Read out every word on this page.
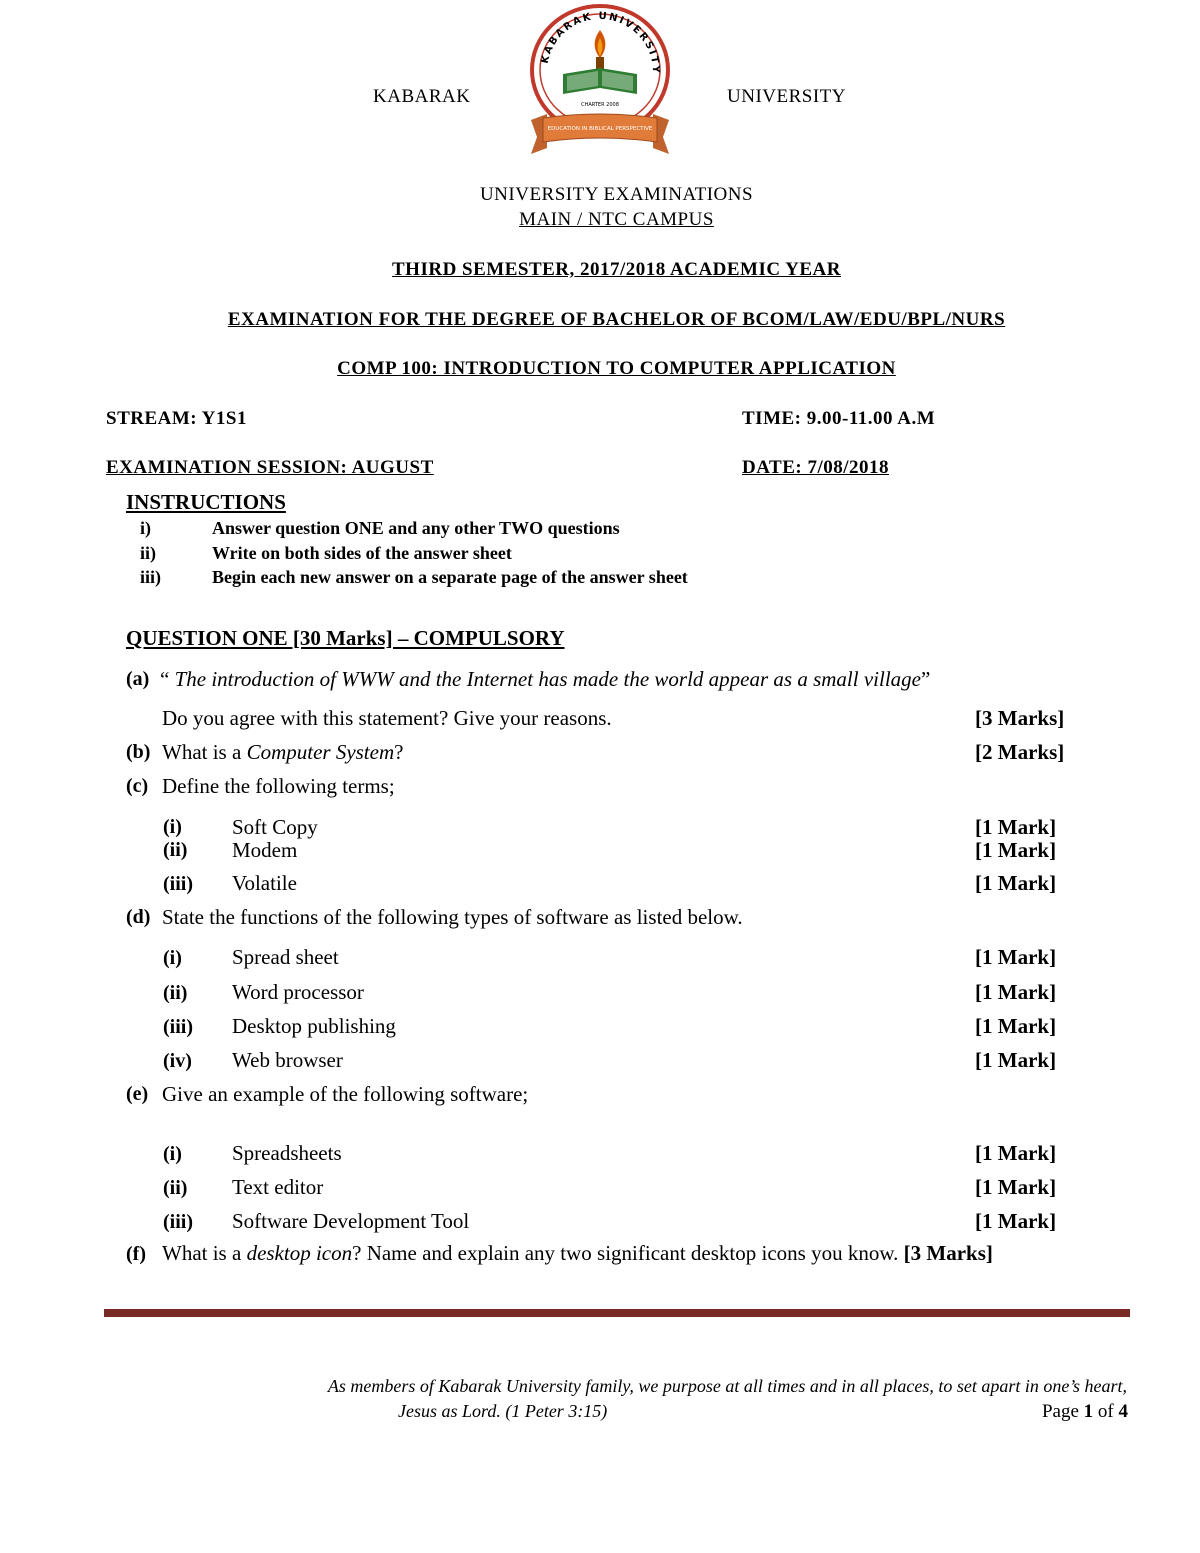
KABARAK
KABARAK UNIVERSITY
CHARTER 2008
EDUCATION IN BIBLICAL PERSPECTIVE
UNIVERSITY
UNIVERSITY EXAMINATIONS
MAIN / NTC CAMPUS
THIRD SEMESTER, 2017/2018 ACADEMIC YEAR
EXAMINATION FOR THE DEGREE OF BACHELOR OF BCOM/LAW/EDU/BPL/NURS
COMP 100: INTRODUCTION TO COMPUTER APPLICATION
STREAM: Y1S1	TIME: 9.00-11.00 A.M
EXAMINATION SESSION: AUGUST	DATE: 7/08/2018
INSTRUCTIONS
i)	Answer question ONE and any other TWO questions
ii)	Write on both sides of the answer sheet
iii)	Begin each new answer on a separate page of the answer sheet
QUESTION ONE [30 Marks] – COMPULSORY
(a) “ The introduction of WWW and the Internet has made the world appear as a small village”
Do you agree with this statement? Give your reasons.	[3 Marks]
(b) What is a Computer System?	[2 Marks]
(c) Define the following terms;
(i) Soft Copy	[1 Mark]
(ii) Modem	[1 Mark]
(iii) Volatile	[1 Mark]
(d) State the functions of the following types of software as listed below.
(i) Spread sheet	[1 Mark]
(ii) Word processor	[1 Mark]
(iii) Desktop publishing	[1 Mark]
(iv) Web browser	[1 Mark]
(e) Give an example of the following software;
(i) Spreadsheets	[1 Mark]
(ii) Text editor	[1 Mark]
(iii) Software Development Tool	[1 Mark]
(f) What is a desktop icon? Name and explain any two significant desktop icons you know. [3 Marks]
As members of Kabarak University family, we purpose at all times and in all places, to set apart in one’s heart,
Jesus as Lord. (1 Peter 3:15)	Page 1 of 4
